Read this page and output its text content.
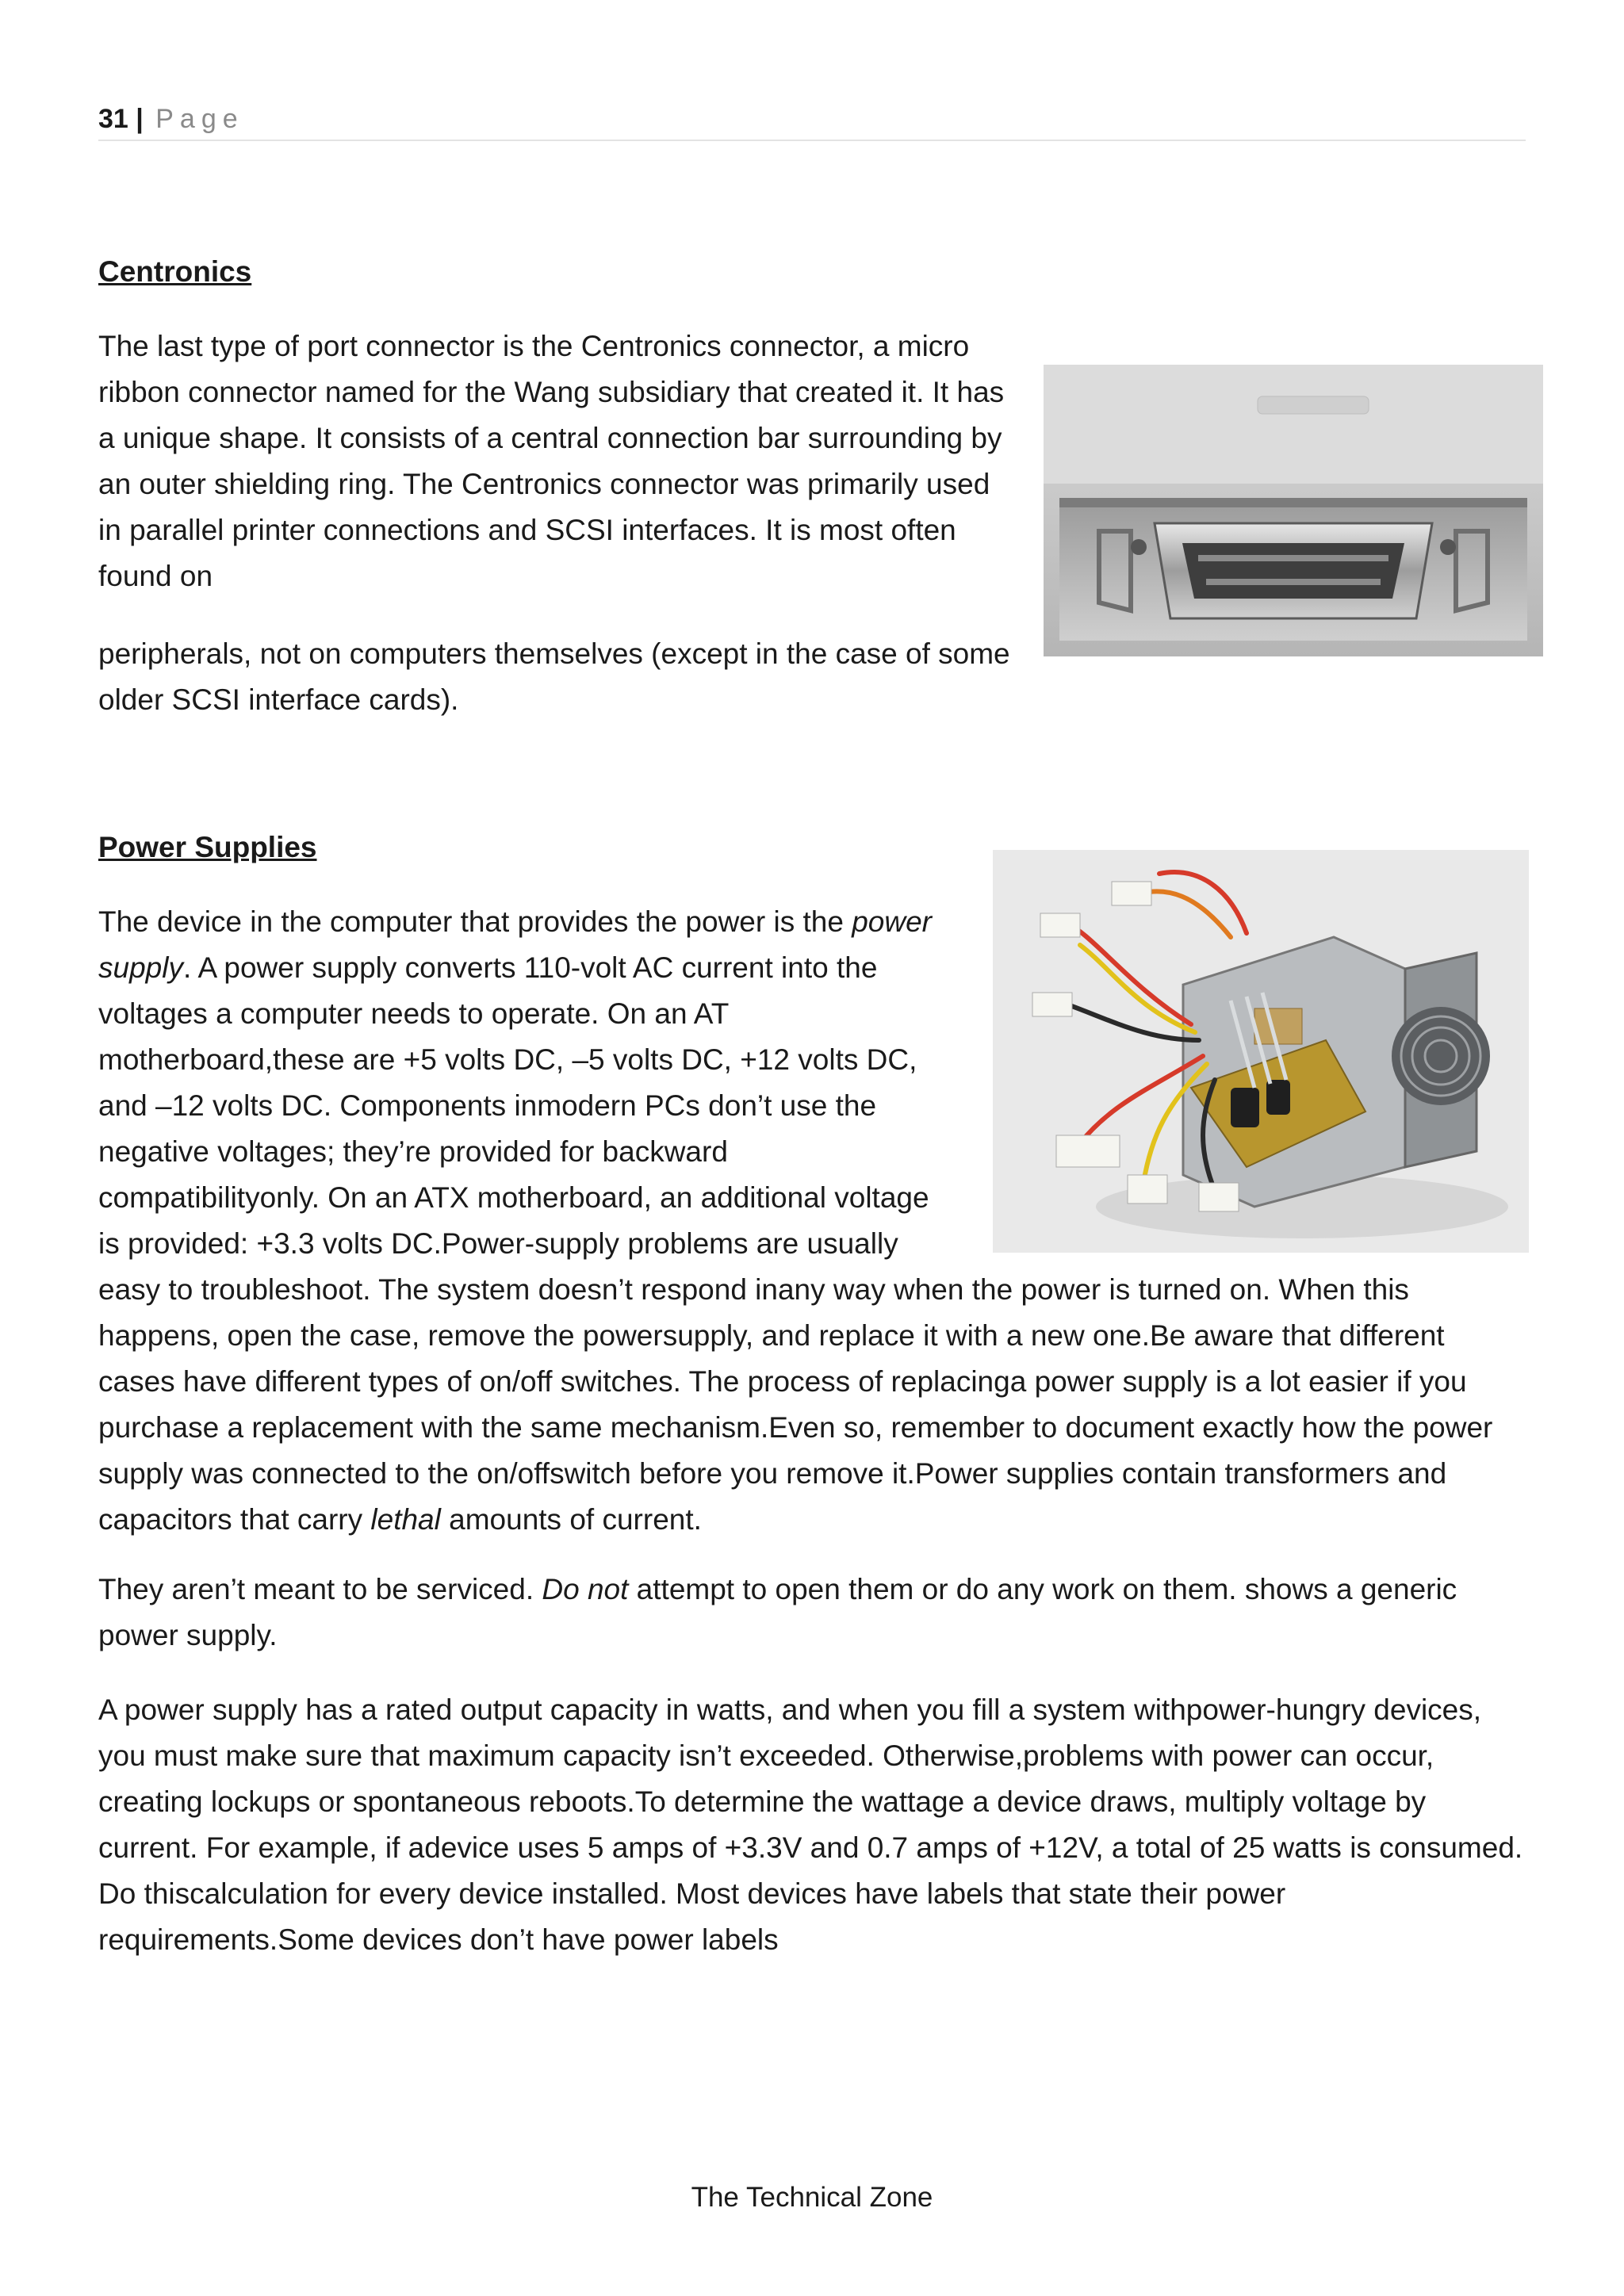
31 | Page
Centronics

The last type of port connector is the Centronics connector, a micro ribbon connector named for the Wang subsidiary that created it. It has a unique shape. It consists of a central connection bar surrounding by an outer shielding ring. The Centronics connector was primarily used in parallel printer connections and SCSI interfaces. It is most often found on

peripherals, not on computers themselves (except in the case of some older SCSI interface cards).

Power Supplies

The device in the computer that provides the power is the power supply. A power supply converts 110-volt AC current into the voltages a computer needs to operate. On an AT motherboard,these are +5 volts DC, –5 volts DC, +12 volts DC, and –12 volts DC. Components inmodern PCs don’t use the negative voltages; they’re provided for backward compatibilityonly. On an ATX motherboard, an additional voltage is provided: +3.3 volts DC.Power-supply problems are usually easy to troubleshoot. The system doesn’t respond inany way when the power is turned on. When this happens, open the case, remove the powersupply, and replace it with a new one.Be aware that different cases have different types of on/off switches. The process of replacinga power supply is a lot easier if you purchase a replacement with the same mechanism.Even so, remember to document exactly how the power supply was connected to the on/offswitch before you remove it.Power supplies contain transformers and capacitors that carry lethal amounts of current.

They aren’t meant to be serviced. Do not attempt to open them or do any work on them. shows a generic power supply.

A power supply has a rated output capacity in watts, and when you fill a system withpower-hungry devices, you must make sure that maximum capacity isn’t exceeded. Otherwise,problems with power can occur, creating lockups or spontaneous reboots.To determine the wattage a device draws, multiply voltage by current. For example, if adevice uses 5 amps of +3.3V and 0.7 amps of +12V, a total of 25 watts is consumed. Do thiscalculation for every device installed. Most devices have labels that state their power requirements.Some devices don’t have power labels

The Technical Zone
